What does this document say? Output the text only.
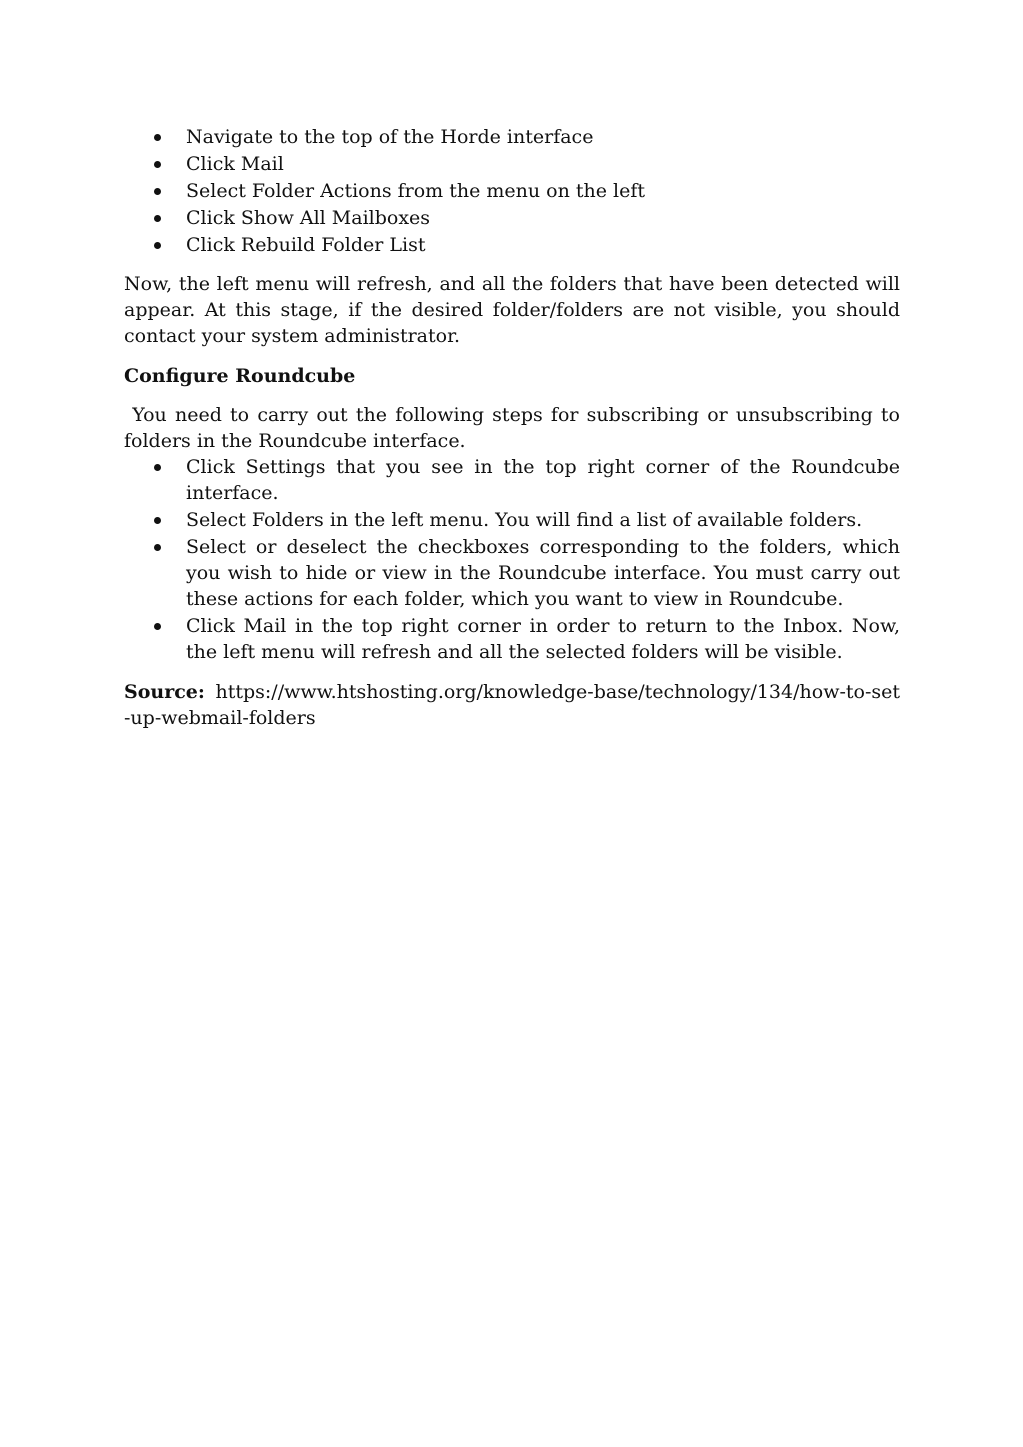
Navigate to the top of the Horde interface
Click Mail
Select Folder Actions from the menu on the left
Click Show All Mailboxes
Click Rebuild Folder List

Now, the left menu will refresh, and all the folders that have been detected will appear. At this stage, if the desired folder/folders are not visible, you should contact your system administrator.

Configure Roundcube

You need to carry out the following steps for subscribing or unsubscribing to folders in the Roundcube interface.

Click Settings that you see in the top right corner of the Roundcube interface.
Select Folders in the left menu. You will find a list of available folders.
Select or deselect the checkboxes corresponding to the folders, which you wish to hide or view in the Roundcube interface. You must carry out these actions for each folder, which you want to view in Roundcube.
Click Mail in the top right corner in order to return to the Inbox. Now, the left menu will refresh and all the selected folders will be visible.

Source: https://www.htshosting.org/knowledge-base/technology/134/how-to-set-up-webmail-folders
